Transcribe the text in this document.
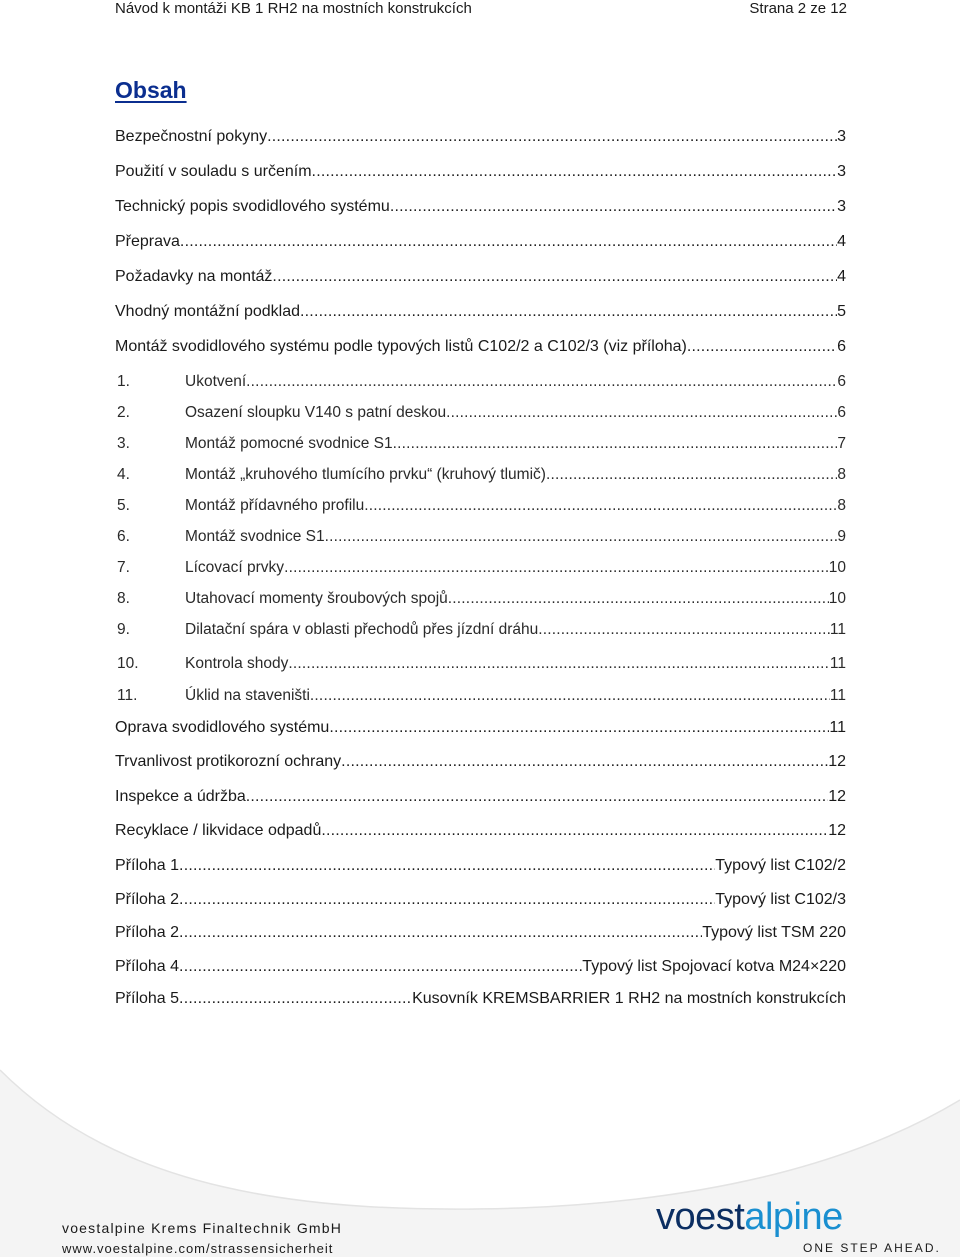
Návod k montáži KB 1 RH2 na mostních konstrukcích	Strana 2 ze 12
Obsah
Bezpečnostní pokyny .....	3
Použití v souladu s určením .....	3
Technický popis svodidlového systému .....	3
Přeprava .....	4
Požadavky na montáž .....	4
Vhodný montážní podklad .....	5
Montáž svodidlového systému podle typových listů C102/2 a C102/3 (viz příloha) .....	6
1.	Ukotvení .....	6
2.	Osazení sloupku V140 s patní deskou .....	6
3.	Montáž pomocné svodnice S1 .....	7
4.	Montáž „kruhového tlumícího prvku“ (kruhový tlumič) .....	8
5.	Montáž přídavného profilu .....	8
6.	Montáž svodnice S1 .....	9
7.	Lícovací prvky .....	10
8.	Utahovací momenty šroubových spojů .....	10
9.	Dilatační spára v oblasti přechodů přes jízdní dráhu .....	11
10.	Kontrola shody .....	11
11.	Úklid na staveništi .....	11
Oprava svodidlového systému .....	11
Trvanlivost protikorozní ochrany .....	12
Inspekce a údržba .....	12
Recyklace / likvidace odpadů .....	12
Příloha 1 .....	Typový list C102/2
Příloha 2 .....	Typový list C102/3
Příloha 2 .....	Typový list TSM 220
Příloha 4 .....	Typový list Spojovací kotva M24×220
Příloha 5 .....	Kusovník KREMSBARRIER 1 RH2 na mostních konstrukcích
voestalpine Krems Finaltechnik GmbH
www.voestalpine.com/strassensicherheit
voestalpine
ONE STEP AHEAD.
